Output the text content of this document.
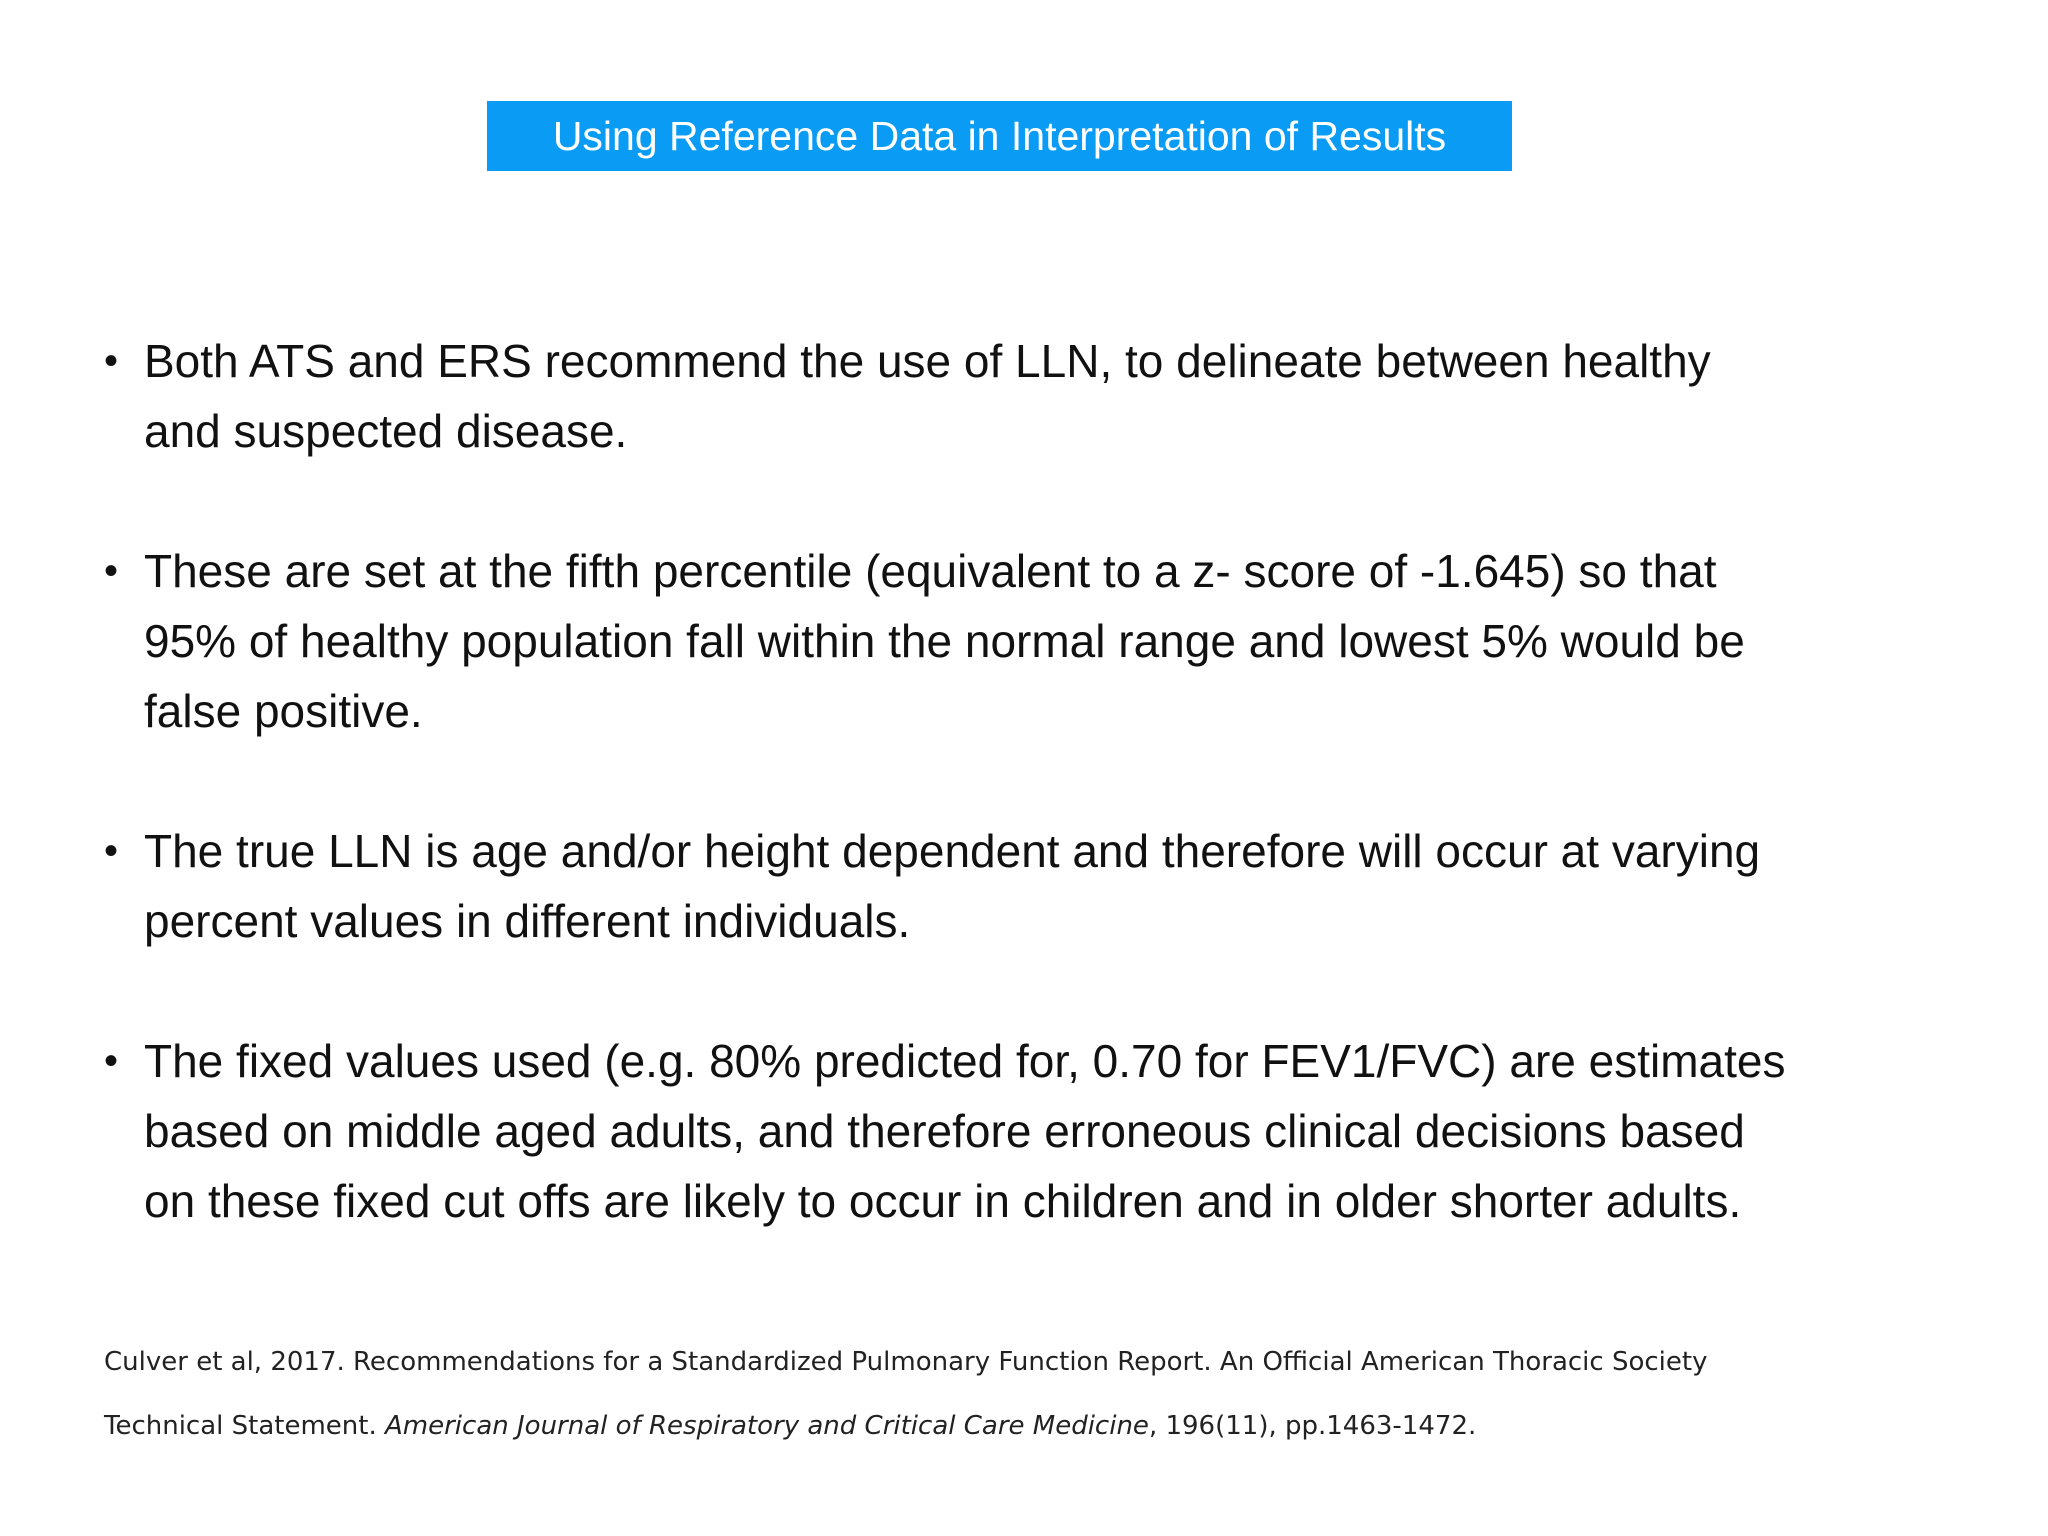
Using Reference Data in Interpretation of Results
• Both ATS and ERS recommend the use of LLN, to delineate between healthy
and suspected disease.
• These are set at the fifth percentile (equivalent to a z- score of -1.645) so that
95% of healthy population fall within the normal range and lowest 5% would be
false positive.
• The true LLN is age and/or height dependent and therefore will occur at varying
percent values in different individuals.
• The fixed values used (e.g. 80% predicted for, 0.70 for FEV1/FVC) are estimates
based on middle aged adults, and therefore erroneous clinical decisions based
on these fixed cut offs are likely to occur in children and in older shorter adults.
Culver et al, 2017. Recommendations for a Standardized Pulmonary Function Report. An Official American Thoracic Society
Technical Statement. American Journal of Respiratory and Critical Care Medicine, 196(11), pp.1463-1472.
